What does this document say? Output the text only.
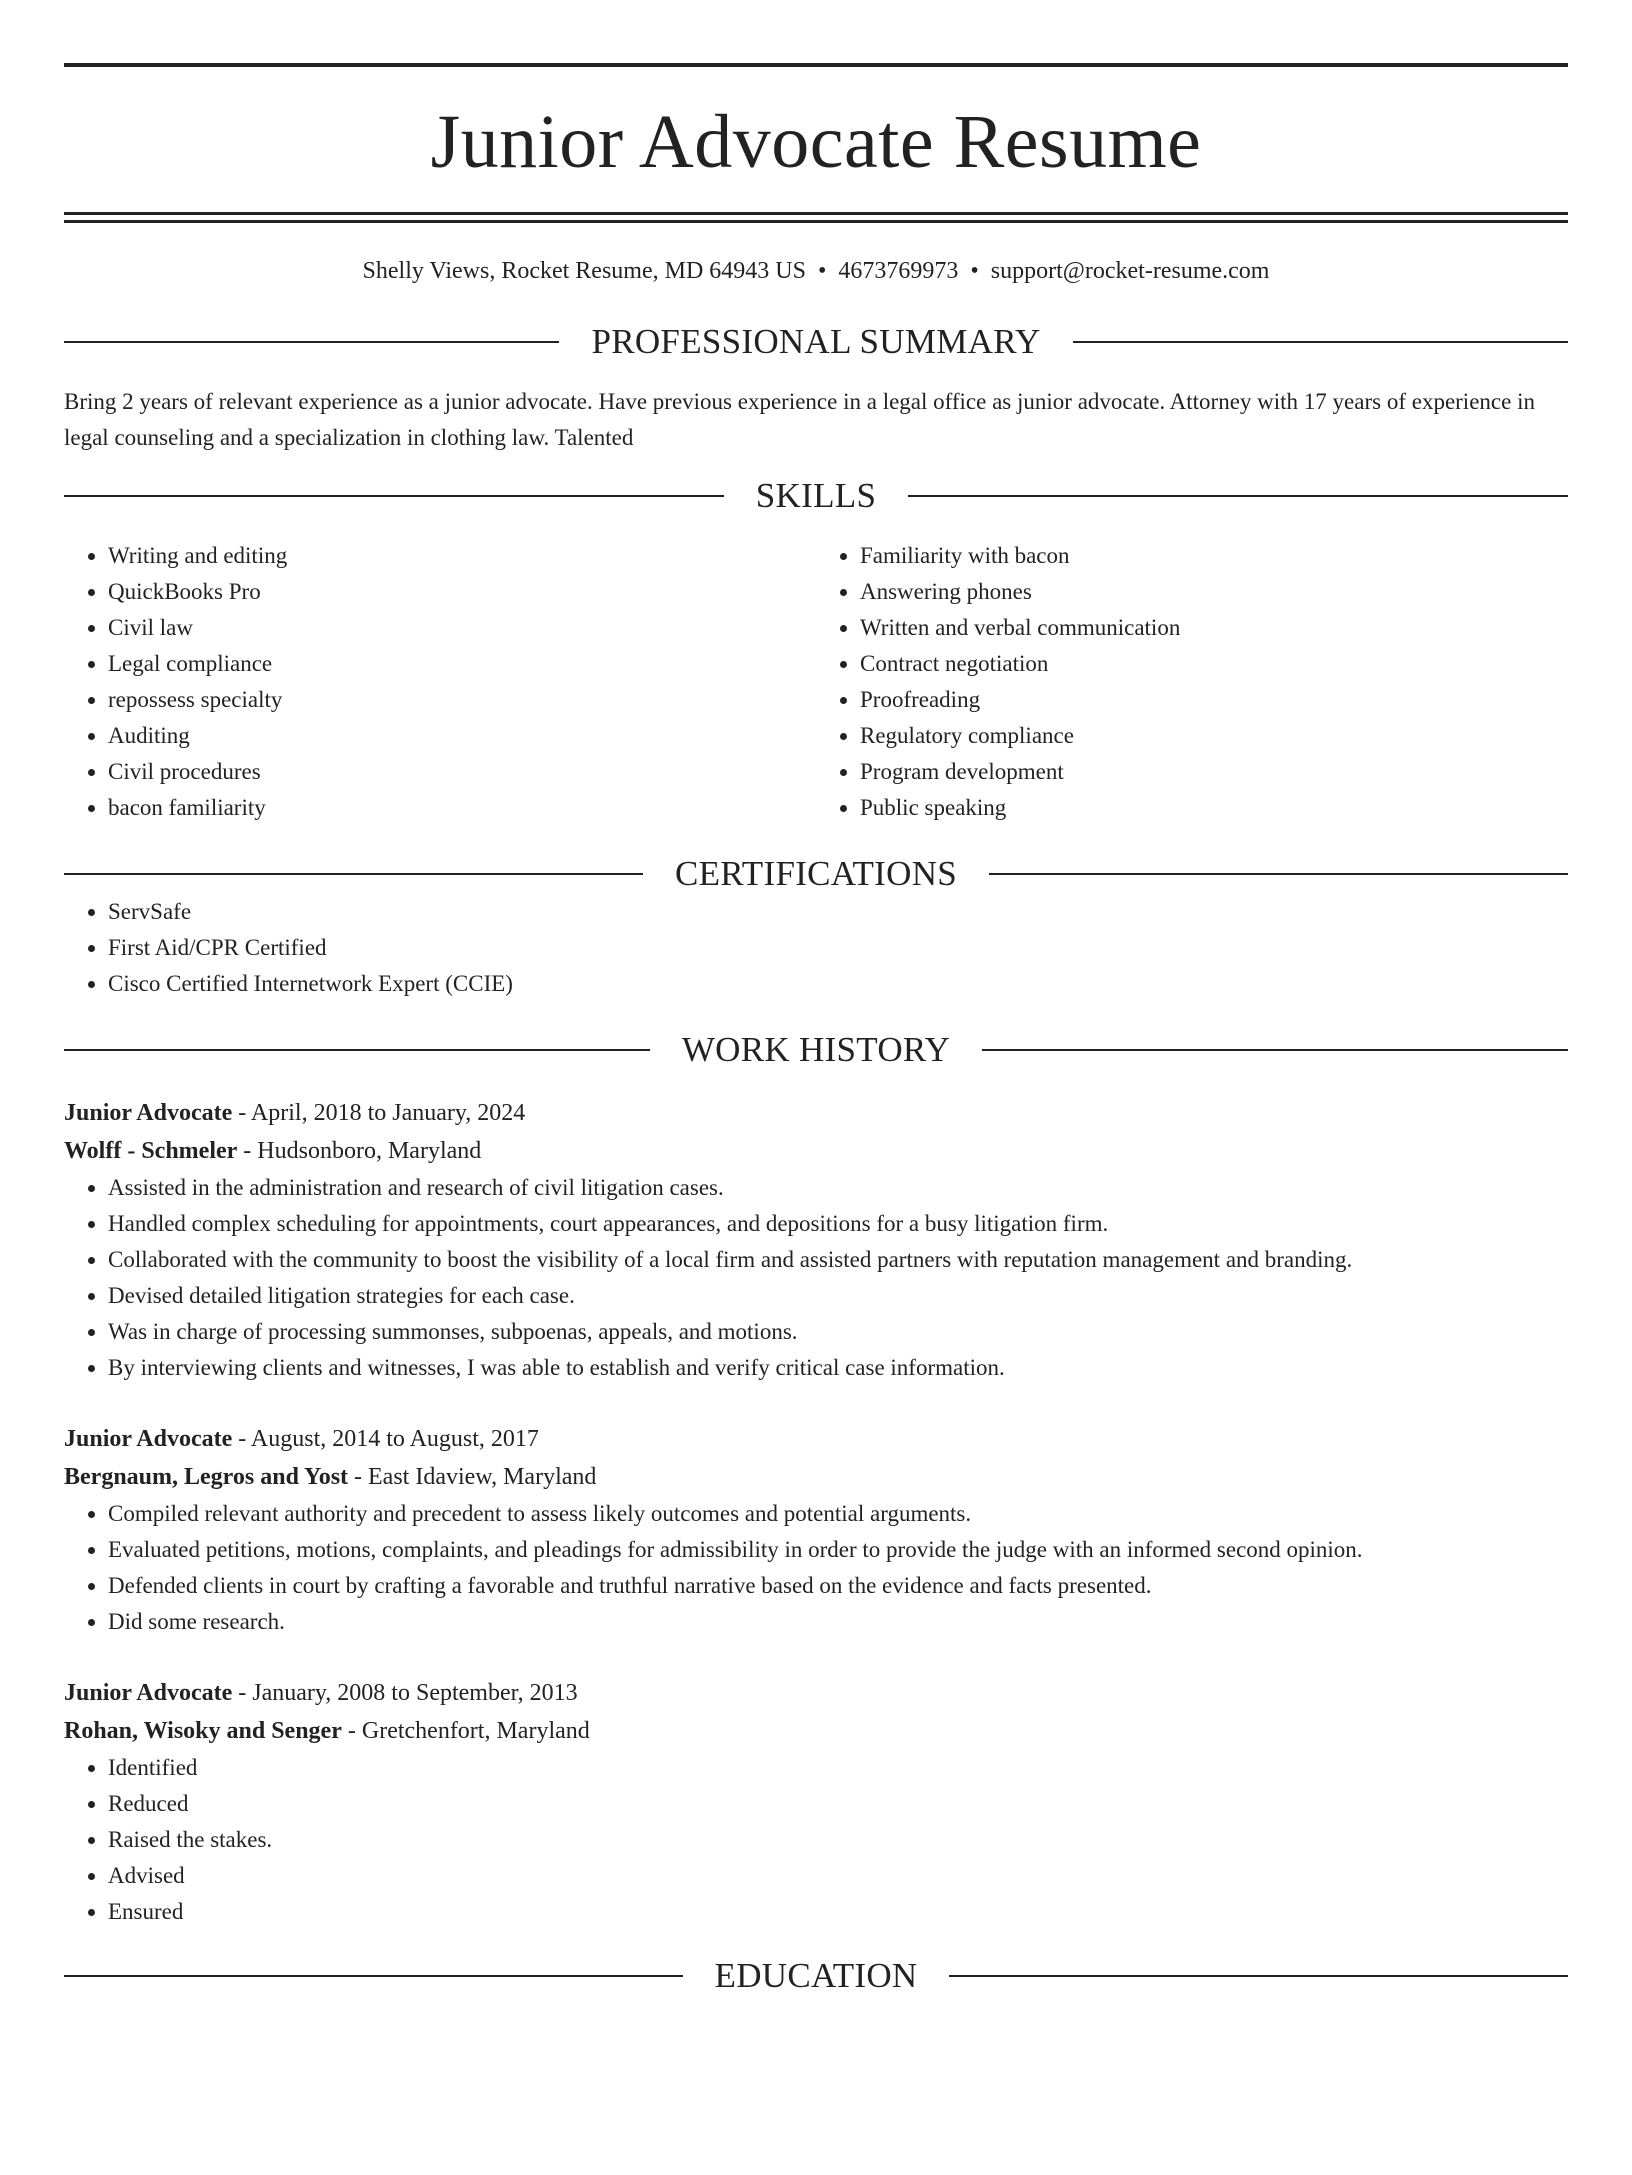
Junior Advocate Resume
Shelly Views, Rocket Resume, MD 64943 US • 4673769973 • support@rocket-resume.com
PROFESSIONAL SUMMARY
Bring 2 years of relevant experience as a junior advocate. Have previous experience in a legal office as junior advocate. Attorney with 17 years of experience in legal counseling and a specialization in clothing law. Talented
SKILLS
• Writing and editing
• QuickBooks Pro
• Civil law
• Legal compliance
• repossess specialty
• Auditing
• Civil procedures
• bacon familiarity
• Familiarity with bacon
• Answering phones
• Written and verbal communication
• Contract negotiation
• Proofreading
• Regulatory compliance
• Program development
• Public speaking
CERTIFICATIONS
• ServSafe
• First Aid/CPR Certified
• Cisco Certified Internetwork Expert (CCIE)
WORK HISTORY
Junior Advocate - April, 2018 to January, 2024
Wolff - Schmeler - Hudsonboro, Maryland
• Assisted in the administration and research of civil litigation cases.
• Handled complex scheduling for appointments, court appearances, and depositions for a busy litigation firm.
• Collaborated with the community to boost the visibility of a local firm and assisted partners with reputation management and branding.
• Devised detailed litigation strategies for each case.
• Was in charge of processing summonses, subpoenas, appeals, and motions.
• By interviewing clients and witnesses, I was able to establish and verify critical case information.
Junior Advocate - August, 2014 to August, 2017
Bergnaum, Legros and Yost - East Idaview, Maryland
• Compiled relevant authority and precedent to assess likely outcomes and potential arguments.
• Evaluated petitions, motions, complaints, and pleadings for admissibility in order to provide the judge with an informed second opinion.
• Defended clients in court by crafting a favorable and truthful narrative based on the evidence and facts presented.
• Did some research.
Junior Advocate - January, 2008 to September, 2013
Rohan, Wisoky and Senger - Gretchenfort, Maryland
• Identified
• Reduced
• Raised the stakes.
• Advised
• Ensured
EDUCATION
